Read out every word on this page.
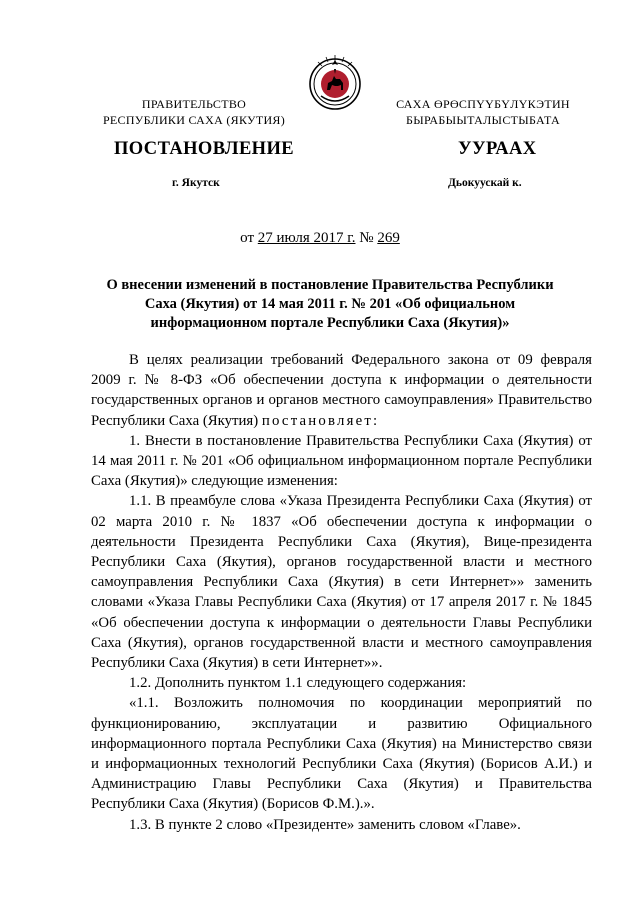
ПРАВИТЕЛЬСТВО
РЕСПУБЛИКИ САХА (ЯКУТИЯ)
САХА ӨРӨСПҮҮБҮЛҮКЭТИН
БЫРАБЫЫТАЛЫСТЫБАТА
ПОСТАНОВЛЕНИЕ	УУРААХ
г. Якутск	Дьокуускай к.
от 27 июля 2017 г. № 269
О внесении изменений в постановление Правительства Республики
Саха (Якутия) от 14 мая 2011 г. № 201 «Об официальном
информационном портале Республики Саха (Якутия)»

В целях реализации требований Федерального закона от 09 февраля 2009 г. № 8-ФЗ «Об обеспечении доступа к информации о деятельности государственных органов и органов местного самоуправления» Правительство Республики Саха (Якутия) постановляет:

1. Внести в постановление Правительства Республики Саха (Якутия) от 14 мая 2011 г. № 201 «Об официальном информационном портале Республики Саха (Якутия)» следующие изменения:

1.1. В преамбуле слова «Указа Президента Республики Саха (Якутия) от 02 марта 2010 г. № 1837 «Об обеспечении доступа к информации о деятельности Президента Республики Саха (Якутия), Вице-президента Республики Саха (Якутия), органов государственной власти и местного самоуправления Республики Саха (Якутия) в сети Интернет»» заменить словами «Указа Главы Республики Саха (Якутия) от 17 апреля 2017 г. № 1845 «Об обеспечении доступа к информации о деятельности Главы Республики Саха (Якутия), органов государственной власти и местного самоуправления Республики Саха (Якутия) в сети Интернет»».

1.2. Дополнить пунктом 1.1 следующего содержания:

«1.1. Возложить полномочия по координации мероприятий по функционированию, эксплуатации и развитию Официального информационного портала Республики Саха (Якутия) на Министерство связи и информационных технологий Республики Саха (Якутия) (Борисов А.И.) и Администрацию Главы Республики Саха (Якутия) и Правительства Республики Саха (Якутия) (Борисов Ф.М.).».

1.3. В пункте 2 слово «Президенте» заменить словом «Главе».
